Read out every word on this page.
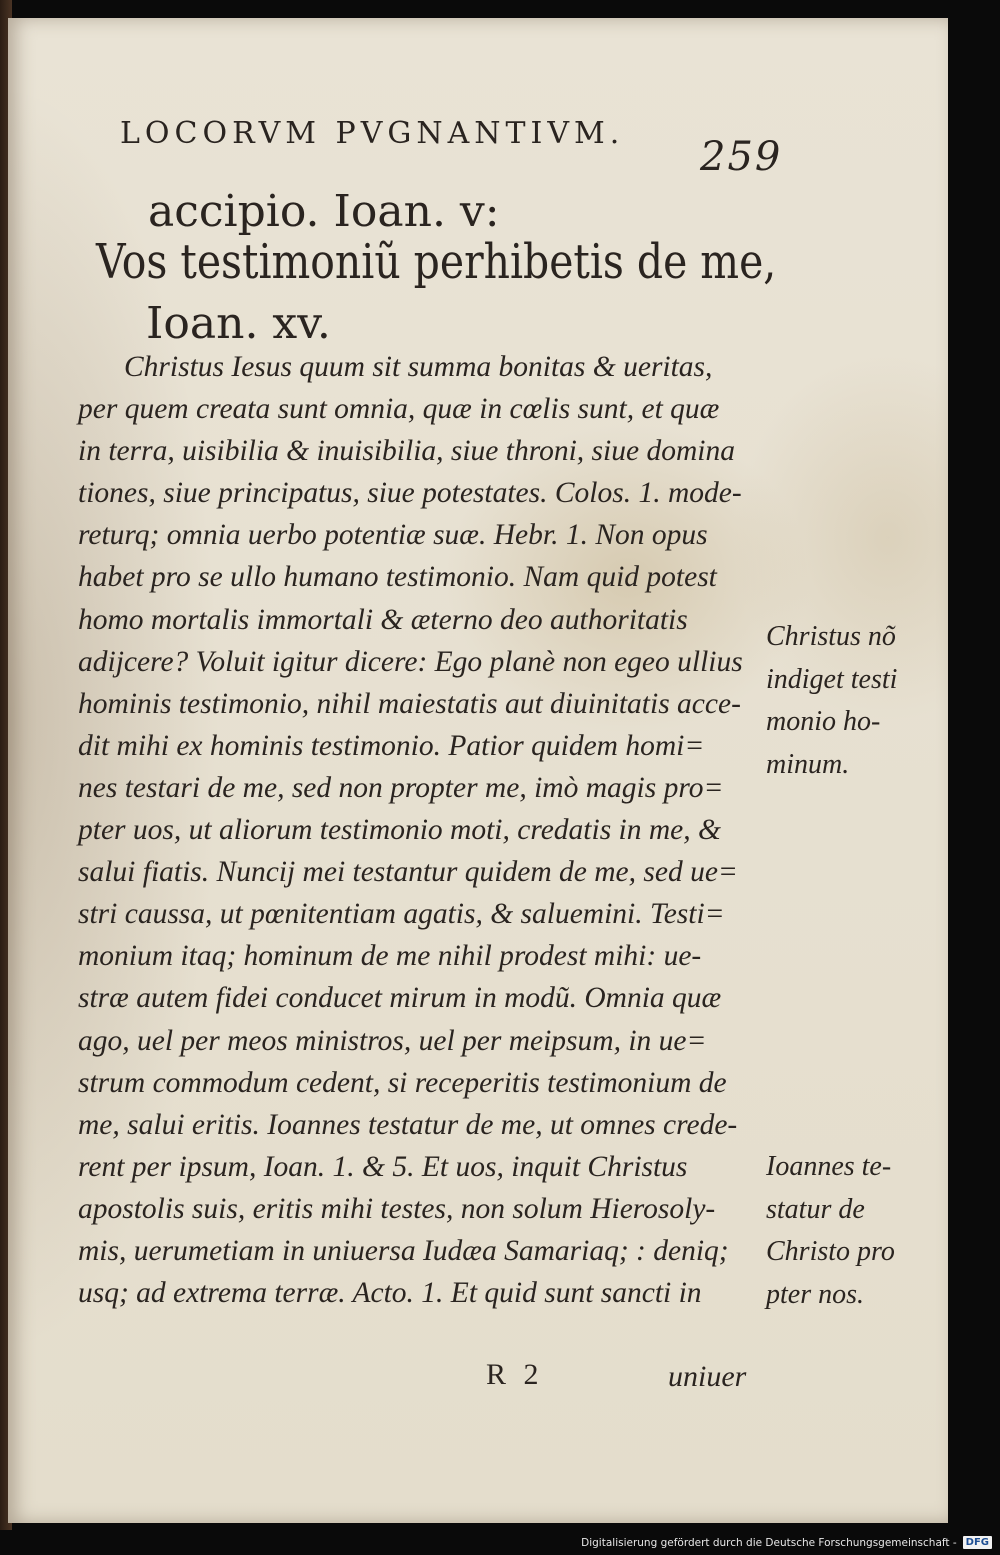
LOCORVM PVGNANTIVM.
259
accipio. Ioan. v:
Vos testimoniũ perhibetis de me,
Ioan. xv.
Christus Iesus quum sit summa bonitas & ueritas,
per quem creata sunt omnia, quæ in cœlis sunt, et quæ
in terra, uisibilia & inuisibilia, siue throni, siue domina
tiones, siue principatus, siue potestates. Colos. 1. mode-
returq; omnia uerbo potentiæ suæ. Hebr. 1. Non opus
habet pro se ullo humano testimonio. Nam quid potest
homo mortalis immortali & æterno deo authoritatis
adijcere? Voluit igitur dicere: Ego planè non egeo ullius
hominis testimonio, nihil maiestatis aut diuinitatis acce-
dit mihi ex hominis testimonio. Patior quidem homi=
nes testari de me, sed non propter me, imò magis pro=
pter uos, ut aliorum testimonio moti, credatis in me, &
salui fiatis. Nuncij mei testantur quidem de me, sed ue=
stri caussa, ut pœnitentiam agatis, & saluemini. Testi=
monium itaq; hominum de me nihil prodest mihi: ue-
stræ autem fidei conducet mirum in modũ. Omnia quæ
ago, uel per meos ministros, uel per meipsum, in ue=
strum commodum cedent, si receperitis testimonium de
me, salui eritis. Ioannes testatur de me, ut omnes crede-
rent per ipsum, Ioan. 1. & 5. Et uos, inquit Christus
apostolis suis, eritis mihi testes, non solum Hierosoly-
mis, uerumetiam in uniuersa Iudæa Samariaq; : deniq;
usq; ad extrema terræ. Acto. 1. Et quid sunt sancti in
Christus nõ
indiget testi
monio ho-
minum.
Ioannes te-
statur de
Christo pro
pter nos.
R 2	uniuer
Digitalisierung gefördert durch die Deutsche Forschungsgemeinschaft - DFG
